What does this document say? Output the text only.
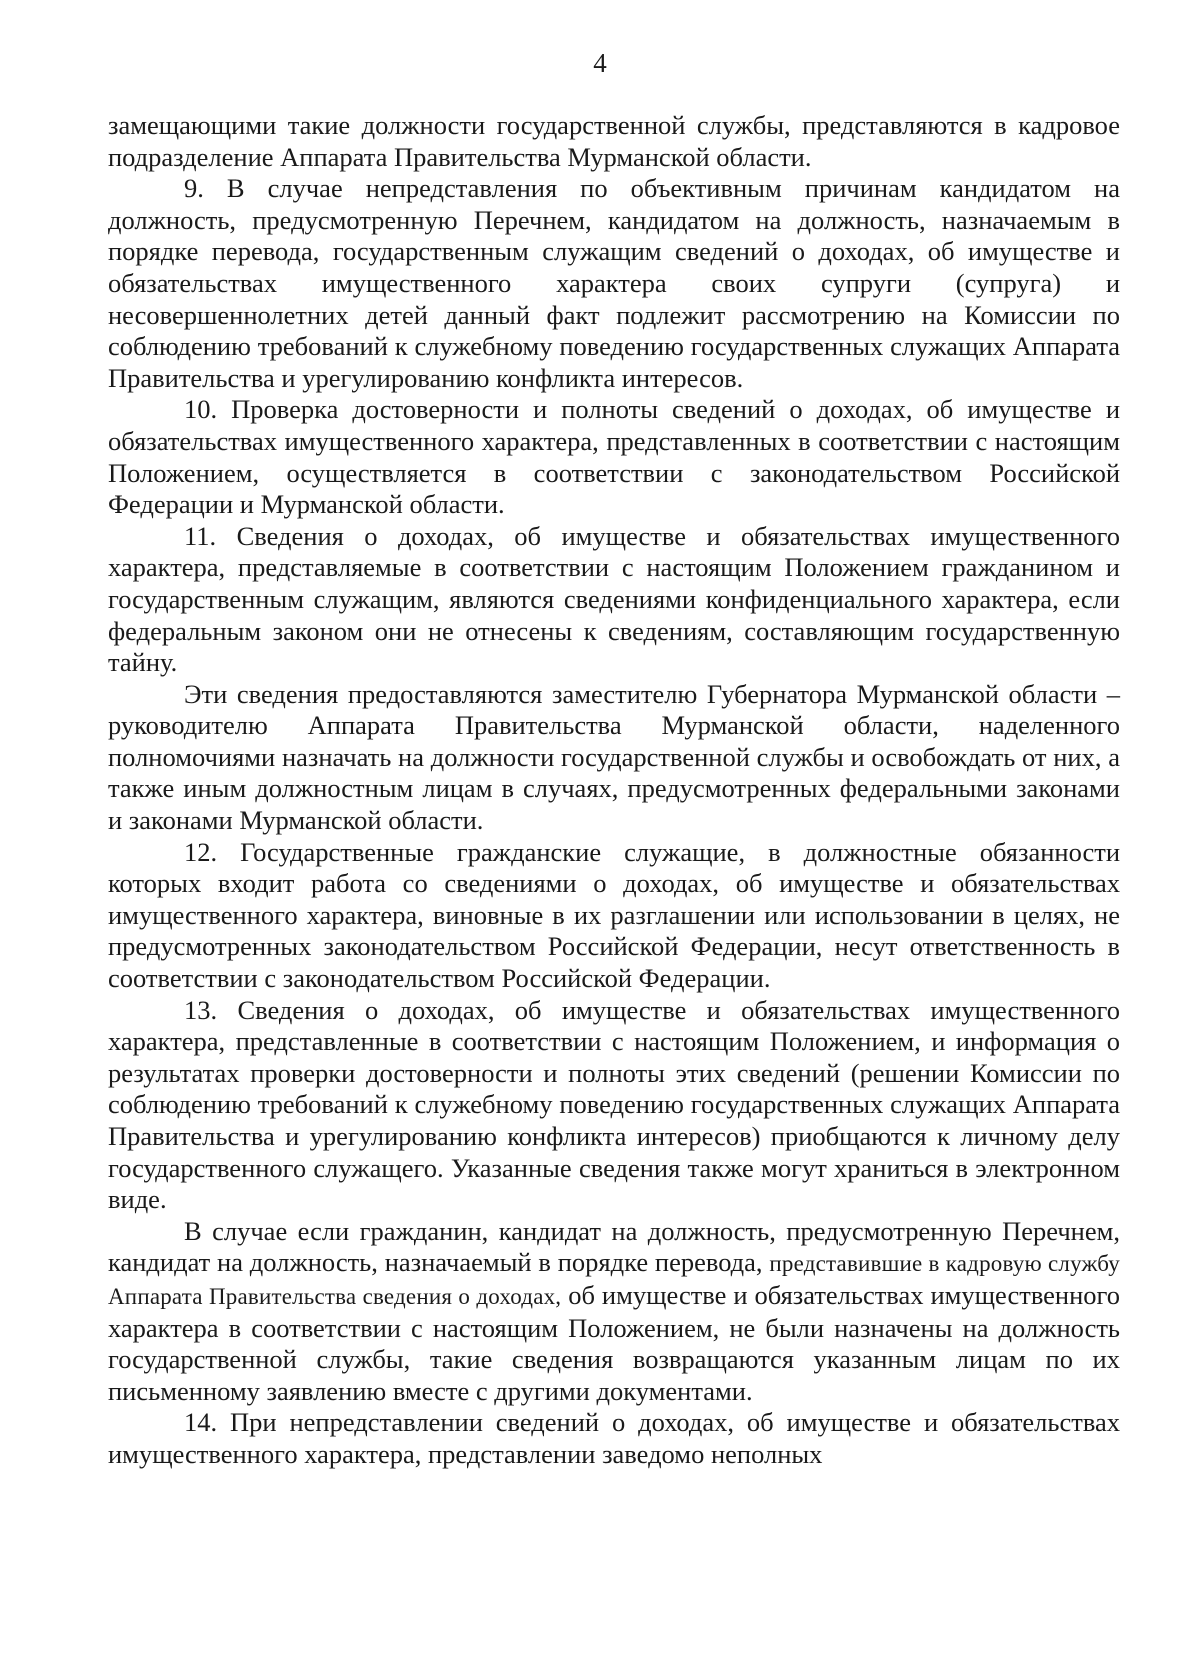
4

замещающими такие должности государственной службы, представляются в кадровое подразделение Аппарата Правительства Мурманской области.

9. В случае непредставления по объективным причинам кандидатом на должность, предусмотренную Перечнем, кандидатом на должность, назначаемым в порядке перевода, государственным служащим сведений о доходах, об имуществе и обязательствах имущественного характера своих супруги (супруга) и несовершеннолетних детей данный факт подлежит рассмотрению на Комиссии по соблюдению требований к служебному поведению государственных служащих Аппарата Правительства и урегулированию конфликта интересов.

10. Проверка достоверности и полноты сведений о доходах, об имуществе и обязательствах имущественного характера, представленных в соответствии с настоящим Положением, осуществляется в соответствии с законодательством Российской Федерации и Мурманской области.

11. Сведения о доходах, об имуществе и обязательствах имущественного характера, представляемые в соответствии с настоящим Положением гражданином и государственным служащим, являются сведениями конфиденциального характера, если федеральным законом они не отнесены к сведениям, составляющим государственную тайну.

Эти сведения предоставляются заместителю Губернатора Мурманской области – руководителю Аппарата Правительства Мурманской области, наделенного полномочиями назначать на должности государственной службы и освобождать от них, а также иным должностным лицам в случаях, предусмотренных федеральными законами и законами Мурманской области.

12. Государственные гражданские служащие, в должностные обязанности которых входит работа со сведениями о доходах, об имуществе и обязательствах имущественного характера, виновные в их разглашении или использовании в целях, не предусмотренных законодательством Российской Федерации, несут ответственность в соответствии с законодательством Российской Федерации.

13. Сведения о доходах, об имуществе и обязательствах имущественного характера, представленные в соответствии с настоящим Положением, и информация о результатах проверки достоверности и полноты этих сведений (решении Комиссии по соблюдению требований к служебному поведению государственных служащих Аппарата Правительства и урегулированию конфликта интересов) приобщаются к личному делу государственного служащего. Указанные сведения также могут храниться в электронном виде.

В случае если гражданин, кандидат на должность, предусмотренную Перечнем, кандидат на должность, назначаемый в порядке перевода, представившие в кадровую службу Аппарата Правительства сведения о доходах, об имуществе и обязательствах имущественного характера в соответствии с настоящим Положением, не были назначены на должность государственной службы, такие сведения возвращаются указанным лицам по их письменному заявлению вместе с другими документами.

14. При непредставлении сведений о доходах, об имуществе и обязательствах имущественного характера, представлении заведомо неполных
